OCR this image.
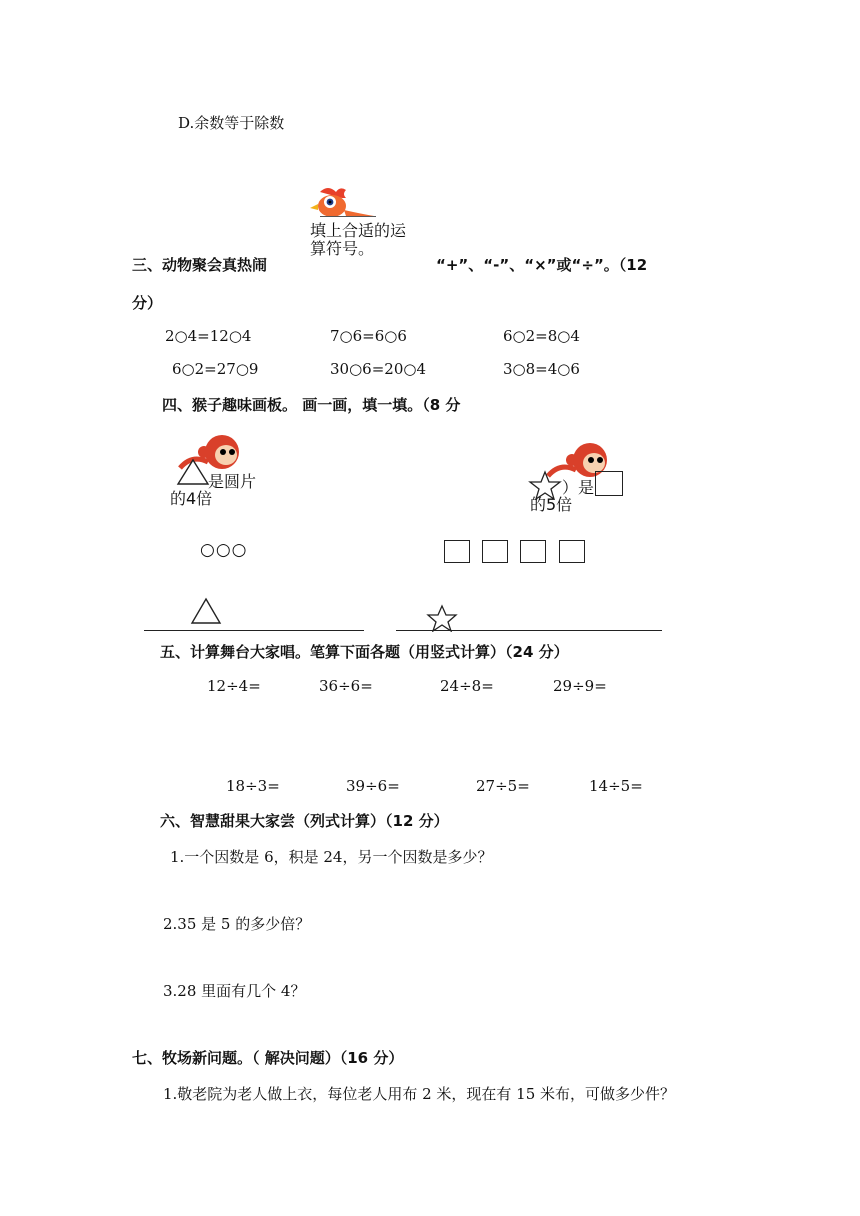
D.余数等于除数
填上合适的运
算符号。
三、动物聚会真热闹	“+”、“-”、“×”或“÷”。（12
分）
2○4=12○4	7○6=6○6	6○2=8○4
6○2=27○9	30○6=20○4	3○8=4○6
四、猴子趣味画板。 画一画，填一填。（8 分
是圆片
的4倍
○○○
）是
的5倍
五、计算舞台大家唱。笔算下面各题（用竖式计算）（24 分）
12÷4=	36÷6=	24÷8=	29÷9=
18÷3=	39÷6=	27÷5=	14÷5=
六、智慧甜果大家尝（列式计算）（12 分）
1.一个因数是 6，积是 24，另一个因数是多少？
2.35 是 5 的多少倍？
3.28 里面有几个 4？
七、牧场新问题。（ 解决问题）（16 分）
1.敬老院为老人做上衣，每位老人用布 2 米，现在有 15 米布，可做多少件？
